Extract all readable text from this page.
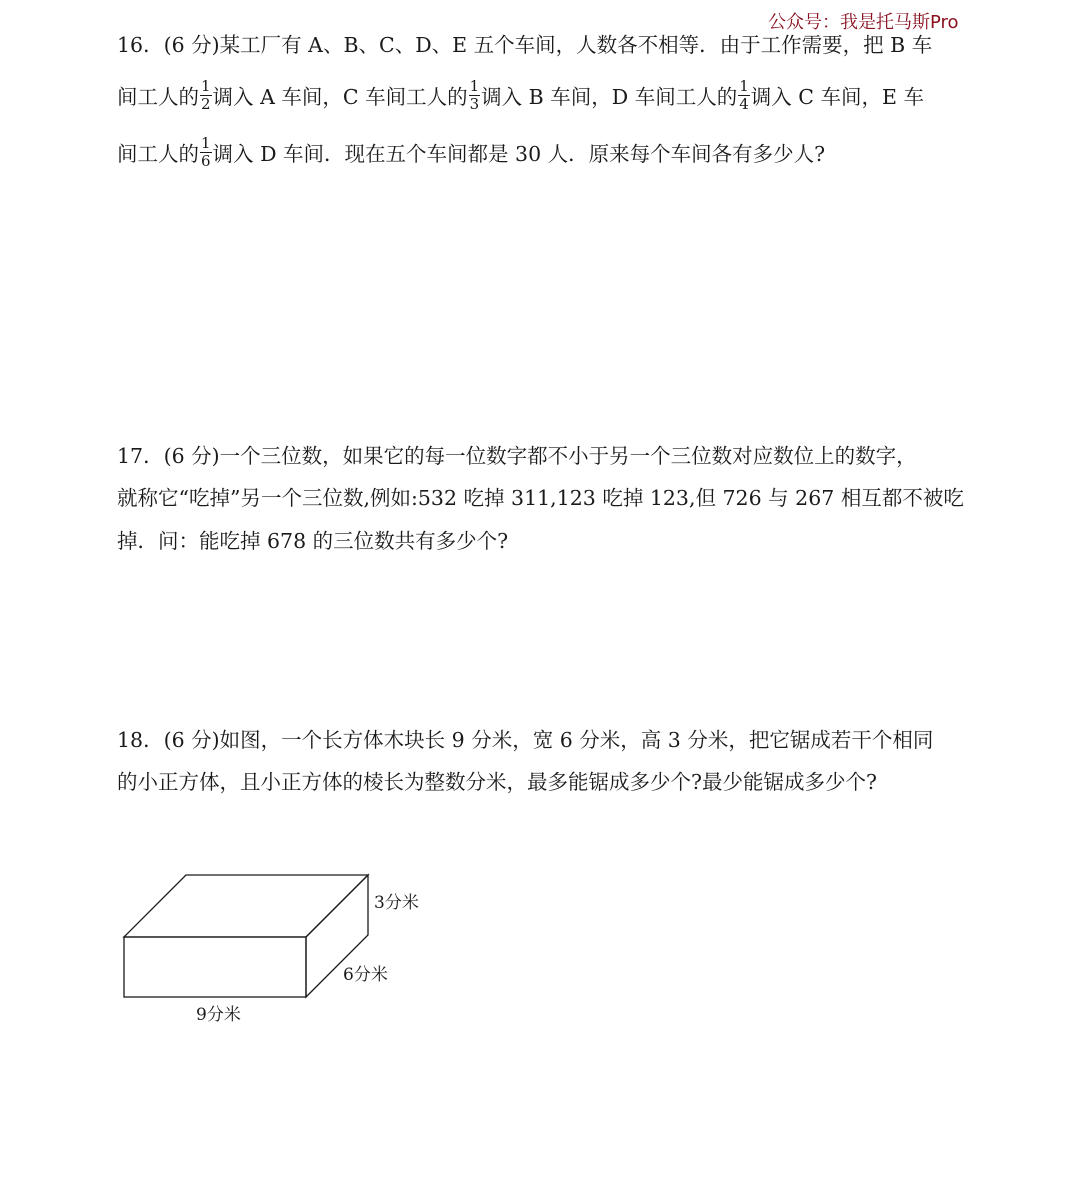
公众号：我是托马斯Pro
16．(6 分)某工厂有 A、B、C、D、E 五个车间，人数各不相等．由于工作需要，把 B 车
间工人的 $\frac{1}{2}$ 调入 A 车间，C 车间工人的 $\frac{1}{3}$ 调入 B 车间，D 车间工人的 $\frac{1}{4}$ 调入 C 车间，E 车
间工人的 $\frac{1}{6}$ 调入 D 车间．现在五个车间都是 30 人．原来每个车间各有多少人?
17．(6 分)一个三位数，如果它的每一位数字都不小于另一个三位数对应数位上的数字，
就称它“吃掉”另一个三位数,例如:532 吃掉 311,123 吃掉 123,但 726 与 267 相互都不被吃
掉．问：能吃掉 678 的三位数共有多少个?
18．(6 分)如图，一个长方体木块长 9 分米，宽 6 分米，高 3 分米，把它锯成若干个相同
的小正方体，且小正方体的棱长为整数分米，最多能锯成多少个?最少能锯成多少个?
3分米
6分米
9分米
